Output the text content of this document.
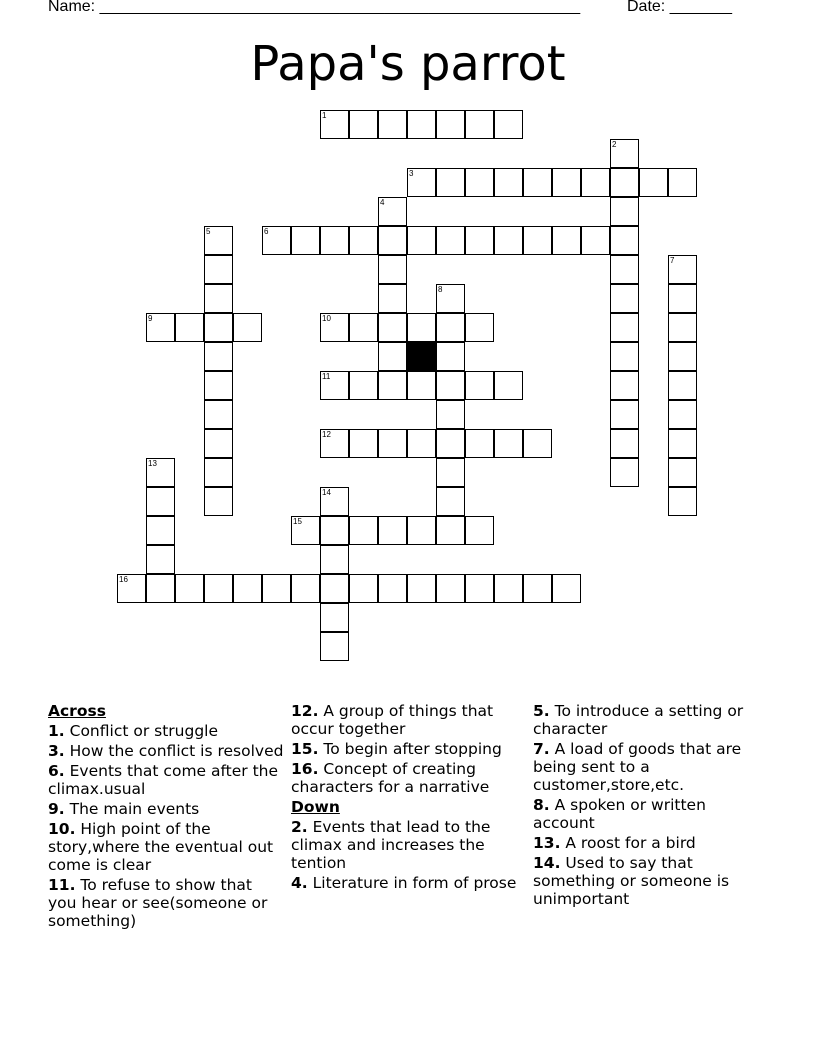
Name: ______________________________________________________	Date: _______
Papa's parrot
1
2
3
4
5	6
7
8
9	10
11
12
13
14
15
16
Across
1. Conflict or struggle
3. How the conflict is resolved
6. Events that come after the climax.usual
9. The main events
10. High point of the story,where the eventual out come is clear
11. To refuse to show that you hear or see(someone or something)
12. A group of things that occur together
15. To begin after stopping
16. Concept of creating characters for a narrative
Down
2. Events that lead to the climax and increases the tention
4. Literature in form of prose
5. To introduce a setting or character
7. A load of goods that are being sent to a customer,store,etc.
8. A spoken or written account
13. A roost for a bird
14. Used to say that something or someone is unimportant
